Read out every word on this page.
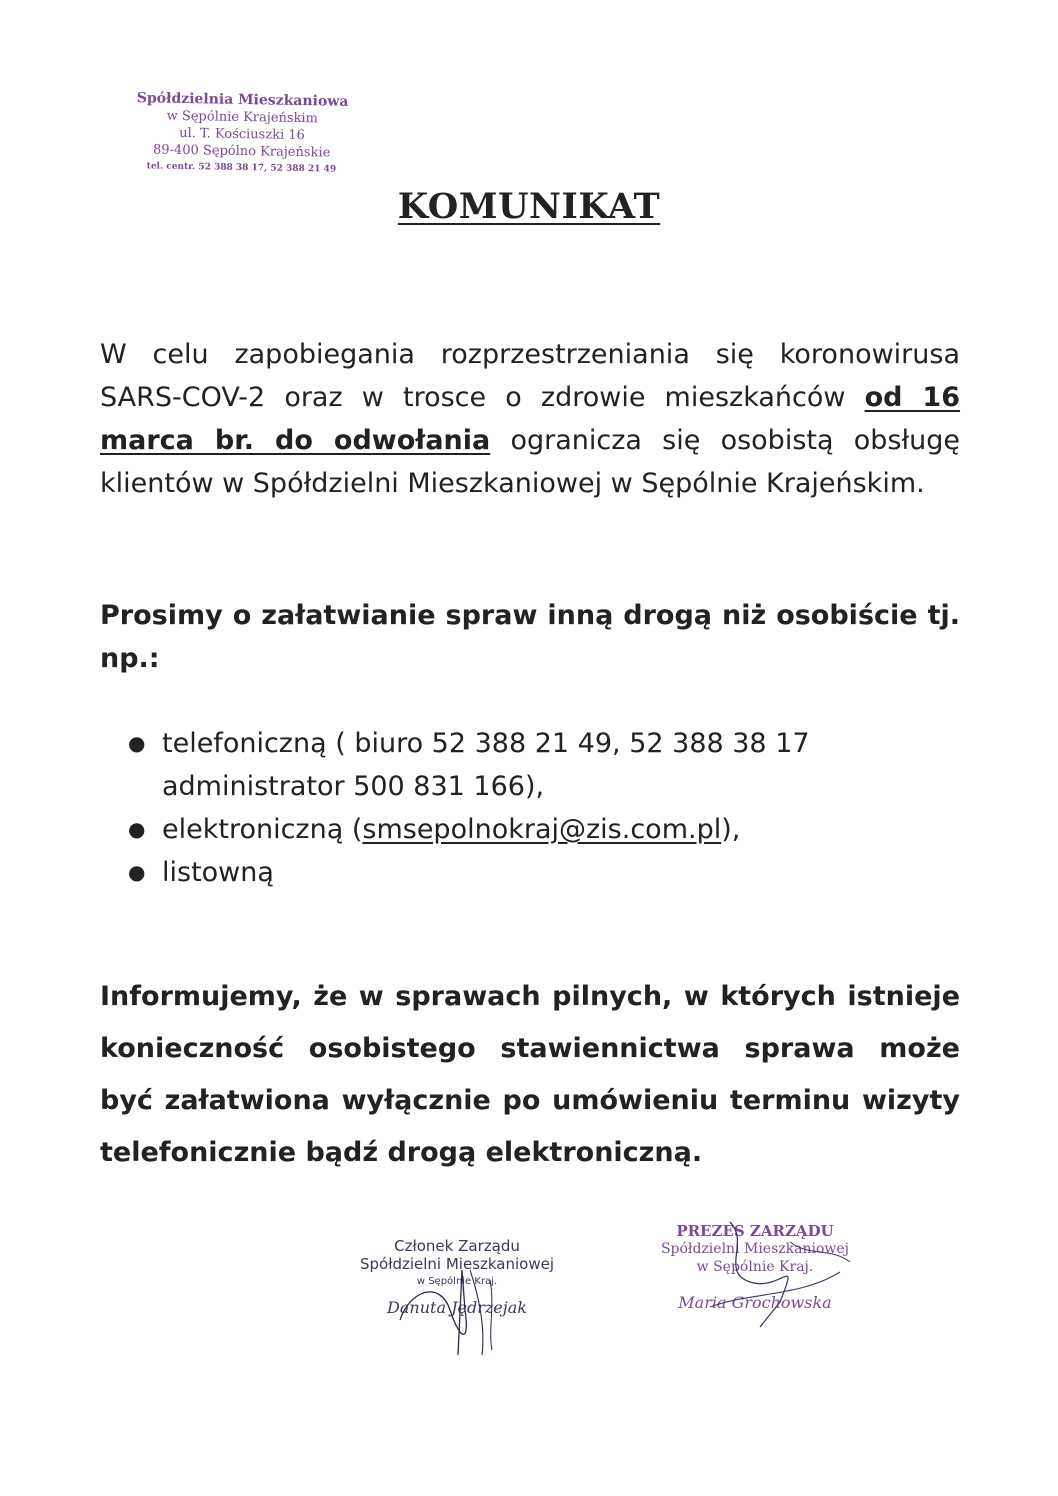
Spółdzielnia Mieszkaniowa
w Sępólnie Krajeńskim
ul. T. Kościuszki 16
89-400 Sępólno Krajeńskie
tel. centr. 52 388 38 17, 52 388 21 49
KOMUNIKAT

W celu zapobiegania rozprzestrzeniania się koronowirusa SARS-COV-2 oraz w trosce o zdrowie mieszkańców od 16 marca br. do odwołania ogranicza się osobistą obsługę klientów w Spółdzielni Mieszkaniowej w Sępólnie Krajeńskim.

Prosimy o załatwianie spraw inną drogą niż osobiście tj. np.:

● telefoniczną ( biuro 52 388 21 49, 52 388 38 17 administrator 500 831 166),
● elektroniczną (smsepolnokraj@zis.com.pl),
● listowną

Informujemy, że w sprawach pilnych, w których istnieje konieczność osobistego stawiennictwa sprawa może być załatwiona wyłącznie po umówieniu terminu wizyty telefonicznie bądź drogą elektroniczną.

Członek Zarządu
Spółdzielni Mieszkaniowej
w Sępólnie Kraj.
Danuta Jędrzejak
PREZES ZARZĄDU
Spółdzielni Mieszkaniowej
w Sępólnie Kraj.
Maria Grochowska
